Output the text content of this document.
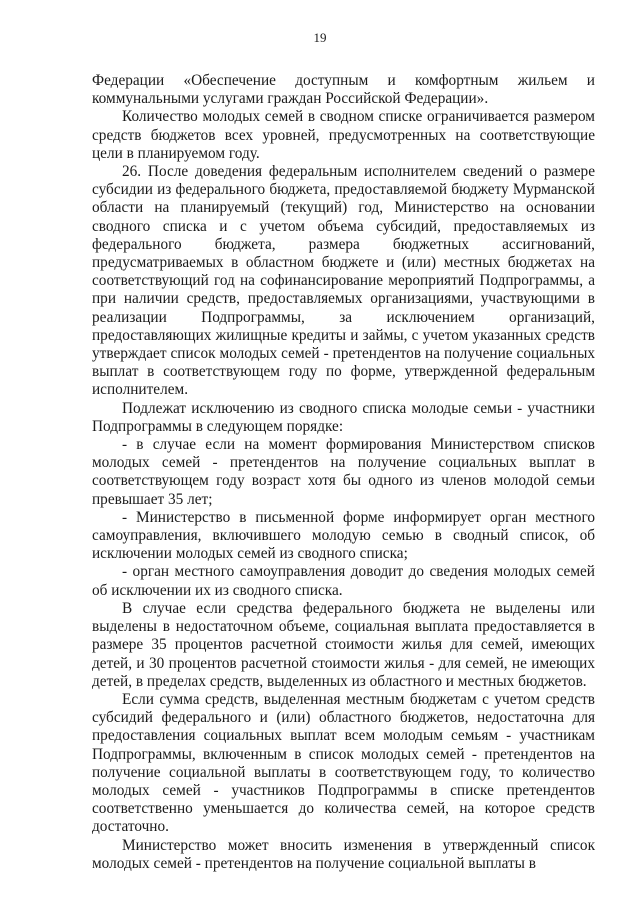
19

Федерации «Обеспечение доступным и комфортным жильем и коммунальными услугами граждан Российской Федерации».

Количество молодых семей в сводном списке ограничивается размером средств бюджетов всех уровней, предусмотренных на соответствующие цели в планируемом году.

26. После доведения федеральным исполнителем сведений о размере субсидии из федерального бюджета, предоставляемой бюджету Мурманской области на планируемый (текущий) год, Министерство на основании сводного списка и с учетом объема субсидий, предоставляемых из федерального бюджета, размера бюджетных ассигнований, предусматриваемых в областном бюджете и (или) местных бюджетах на соответствующий год на софинансирование мероприятий Подпрограммы, а при наличии средств, предоставляемых организациями, участвующими в реализации Подпрограммы, за исключением организаций, предоставляющих жилищные кредиты и займы, с учетом указанных средств утверждает список молодых семей - претендентов на получение социальных выплат в соответствующем году по форме, утвержденной федеральным исполнителем.

Подлежат исключению из сводного списка молодые семьи - участники Подпрограммы в следующем порядке:

- в случае если на момент формирования Министерством списков молодых семей - претендентов на получение социальных выплат в соответствующем году возраст хотя бы одного из членов молодой семьи превышает 35 лет;

- Министерство в письменной форме информирует орган местного самоуправления, включившего молодую семью в сводный список, об исключении молодых семей из сводного списка;

- орган местного самоуправления доводит до сведения молодых семей об исключении их из сводного списка.

В случае если средства федерального бюджета не выделены или выделены в недостаточном объеме, социальная выплата предоставляется в размере 35 процентов расчетной стоимости жилья для семей, имеющих детей, и 30 процентов расчетной стоимости жилья - для семей, не имеющих детей, в пределах средств, выделенных из областного и местных бюджетов.

Если сумма средств, выделенная местным бюджетам с учетом средств субсидий федерального и (или) областного бюджетов, недостаточна для предоставления социальных выплат всем молодым семьям - участникам Подпрограммы, включенным в список молодых семей - претендентов на получение социальной выплаты в соответствующем году, то количество молодых семей - участников Подпрограммы в списке претендентов соответственно уменьшается до количества семей, на которое средств достаточно.

Министерство может вносить изменения в утвержденный список молодых семей - претендентов на получение социальной выплаты в
